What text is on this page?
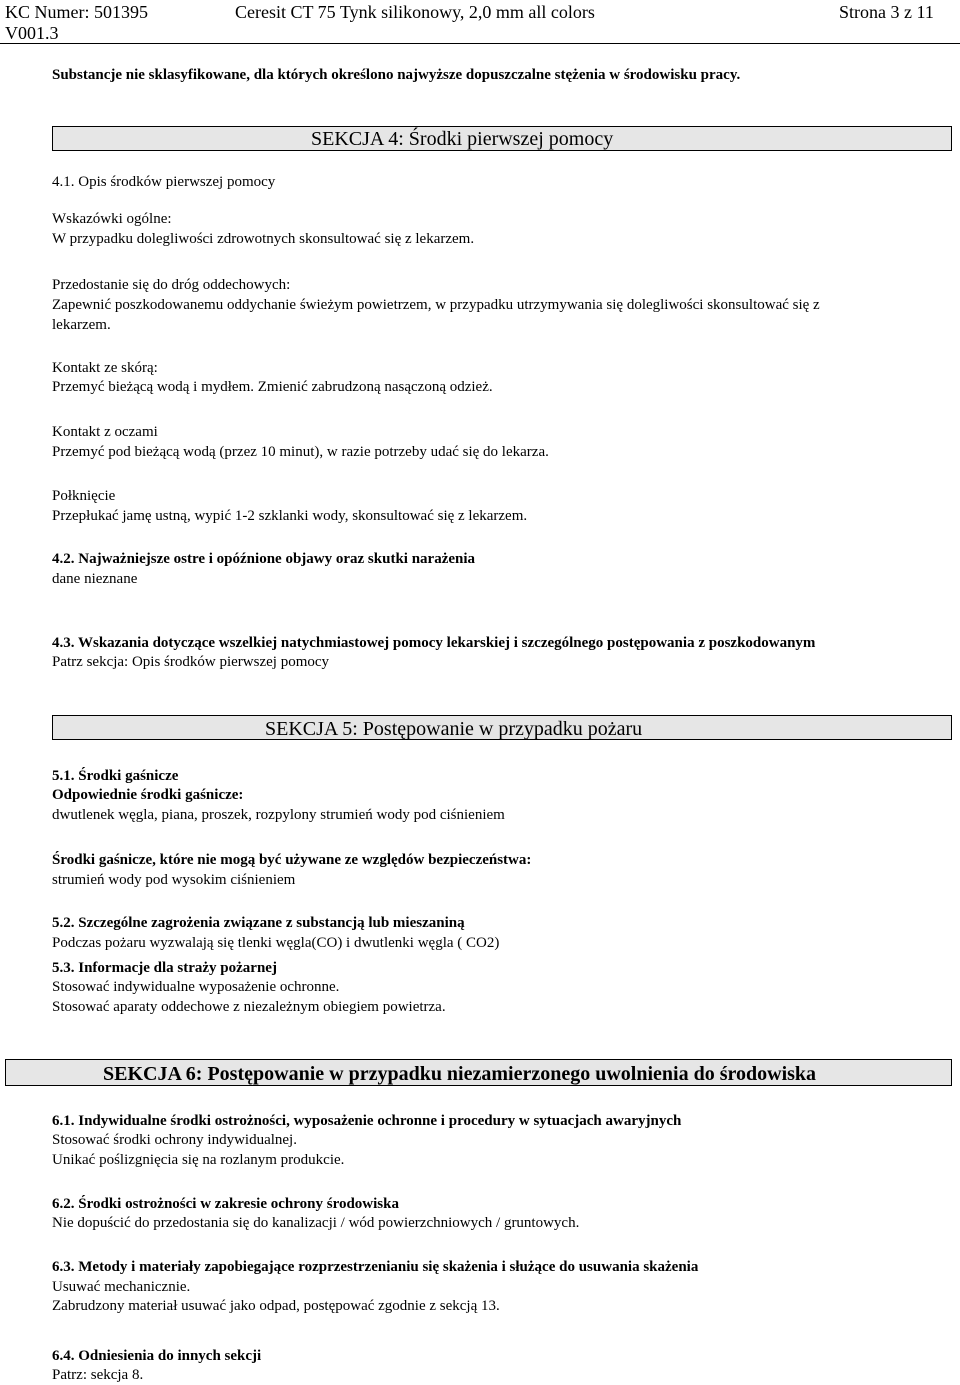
KC Numer: 501395
V001.3
Ceresit CT 75 Tynk silikonowy, 2,0 mm all colors	Strona 3 z 11
Substancje nie sklasyfikowane, dla których określono najwyższe dopuszczalne stężenia w środowisku pracy.
SEKCJA 4: Środki pierwszej pomocy
4.1. Opis środków pierwszej pomocy
Wskazówki ogólne:
W przypadku dolegliwości zdrowotnych skonsultować się z lekarzem.
Przedostanie się do dróg oddechowych:
Zapewnić poszkodowanemu oddychanie świeżym powietrzem, w przypadku utrzymywania się dolegliwości skonsultować się z
lekarzem.
Kontakt ze skórą:
Przemyć bieżącą wodą i mydłem. Zmienić zabrudzoną nasączoną odzież.
Kontakt z oczami
Przemyć pod bieżącą wodą (przez 10 minut), w razie potrzeby udać się do lekarza.
Połknięcie
Przepłukać jamę ustną, wypić 1-2 szklanki wody, skonsultować się z lekarzem.
4.2. Najważniejsze ostre i opóźnione objawy oraz skutki narażenia
dane nieznane
4.3. Wskazania dotyczące wszelkiej natychmiastowej pomocy lekarskiej i szczególnego postępowania z poszkodowanym
Patrz sekcja: Opis środków pierwszej pomocy
SEKCJA 5: Postępowanie w przypadku pożaru
5.1. Środki gaśnicze
Odpowiednie środki gaśnicze:
dwutlenek węgla, piana, proszek, rozpylony strumień wody pod ciśnieniem
Środki gaśnicze, które nie mogą być używane ze względów bezpieczeństwa:
strumień wody pod wysokim ciśnieniem
5.2. Szczególne zagrożenia związane z substancją lub mieszaniną
Podczas pożaru wyzwalają się tlenki węgla(CO) i dwutlenki węgla ( CO2)
5.3. Informacje dla straży pożarnej
Stosować indywidualne wyposażenie ochronne.
Stosować aparaty oddechowe z niezależnym obiegiem powietrza.
SEKCJA 6: Postępowanie w przypadku niezamierzonego uwolnienia do środowiska
6.1. Indywidualne środki ostrożności, wyposażenie ochronne i procedury w sytuacjach awaryjnych
Stosować środki ochrony indywidualnej.
Unikać poślizgnięcia się na rozlanym produkcie.
6.2. Środki ostrożności w zakresie ochrony środowiska
Nie dopuścić do przedostania się do kanalizacji / wód powierzchniowych / gruntowych.
6.3. Metody i materiały zapobiegające rozprzestrzenianiu się skażenia i służące do usuwania skażenia
Usuwać mechanicznie.
Zabrudzony materiał usuwać jako odpad, postępować zgodnie z sekcją 13.
6.4. Odniesienia do innych sekcji
Patrz: sekcja 8.
